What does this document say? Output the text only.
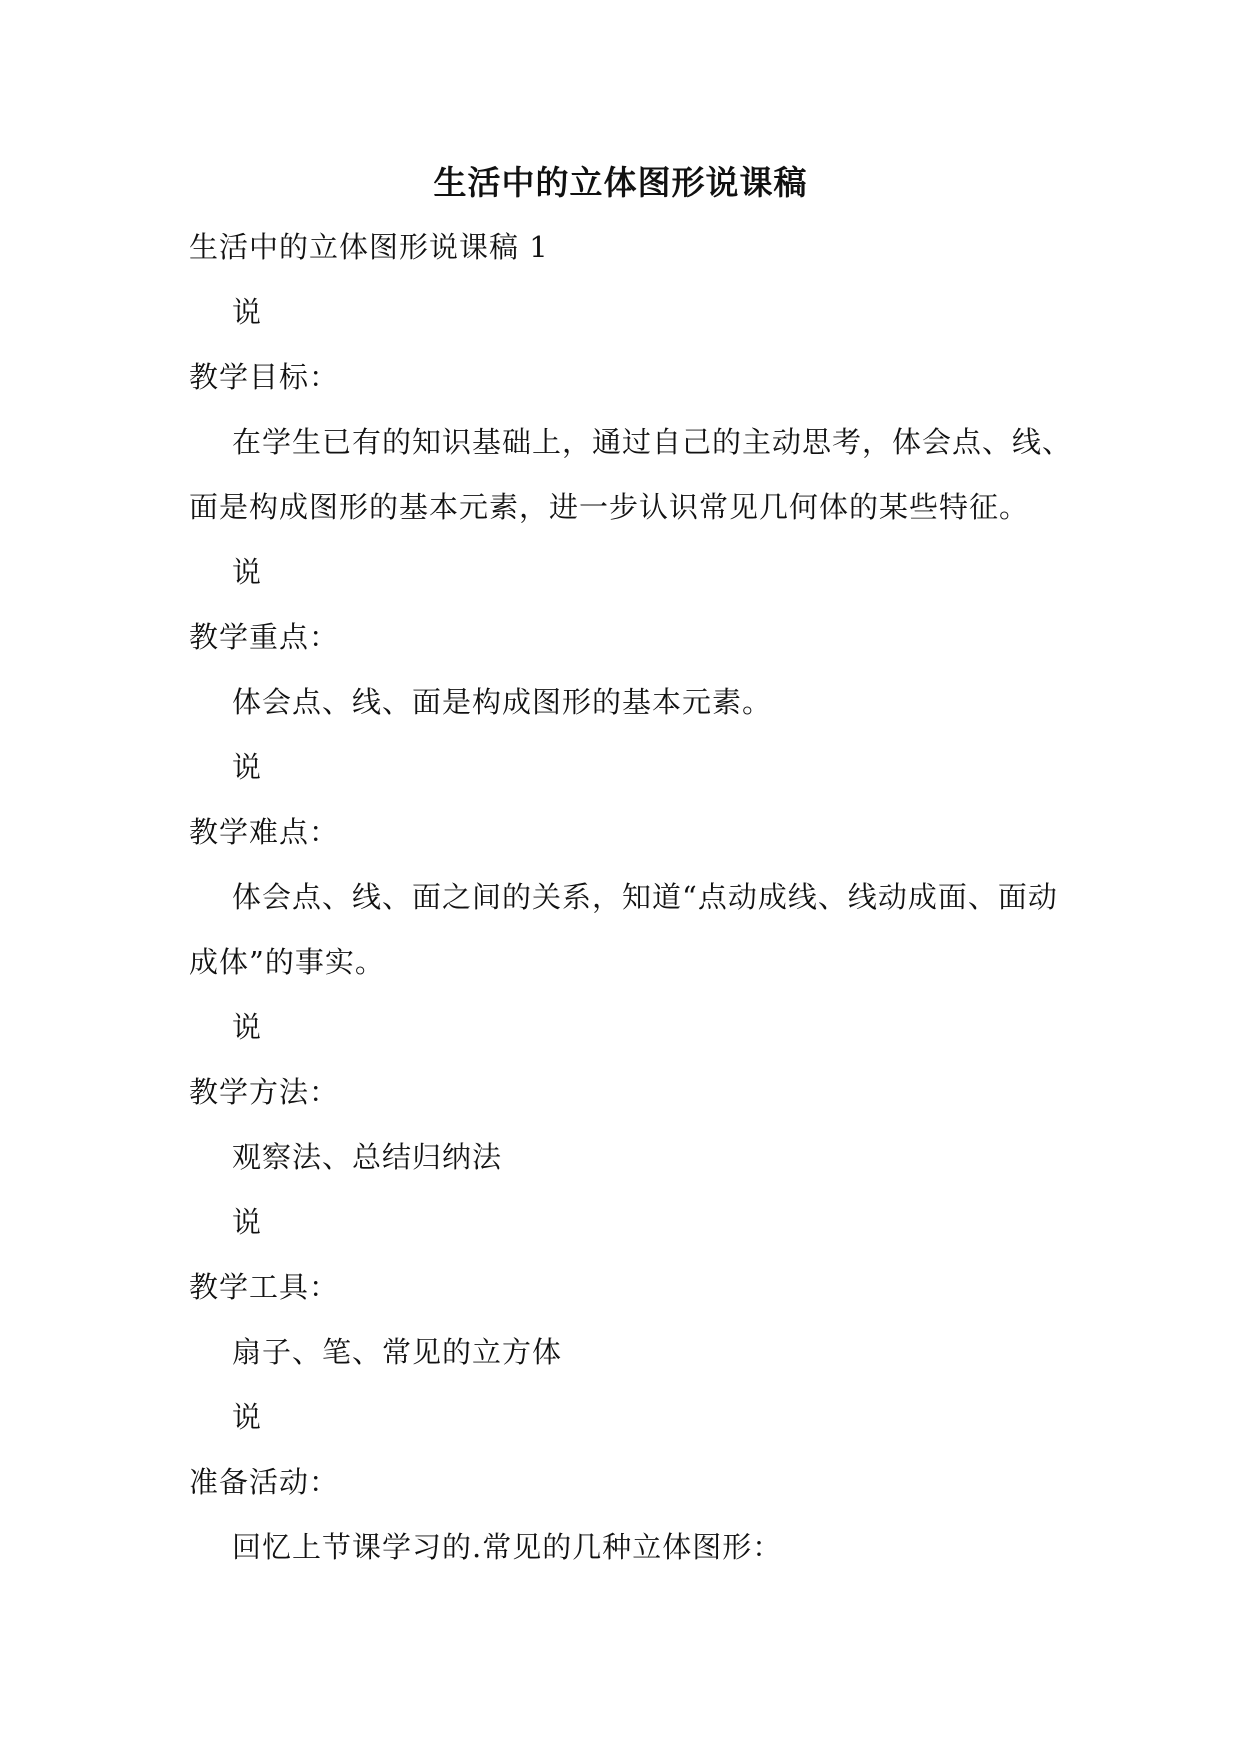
生活中的立体图形说课稿
生活中的立体图形说课稿 1
说
教学目标：
在学生已有的知识基础上，通过自己的主动思考，体会点、线、
面是构成图形的基本元素，进一步认识常见几何体的某些特征。
说
教学重点：
体会点、线、面是构成图形的基本元素。
说
教学难点：
体会点、线、面之间的关系，知道“点动成线、线动成面、面动
成体”的事实。
说
教学方法：
观察法、总结归纳法
说
教学工具：
扇子、笔、常见的立方体
说
准备活动：
回忆上节课学习的.常见的几种立体图形：
